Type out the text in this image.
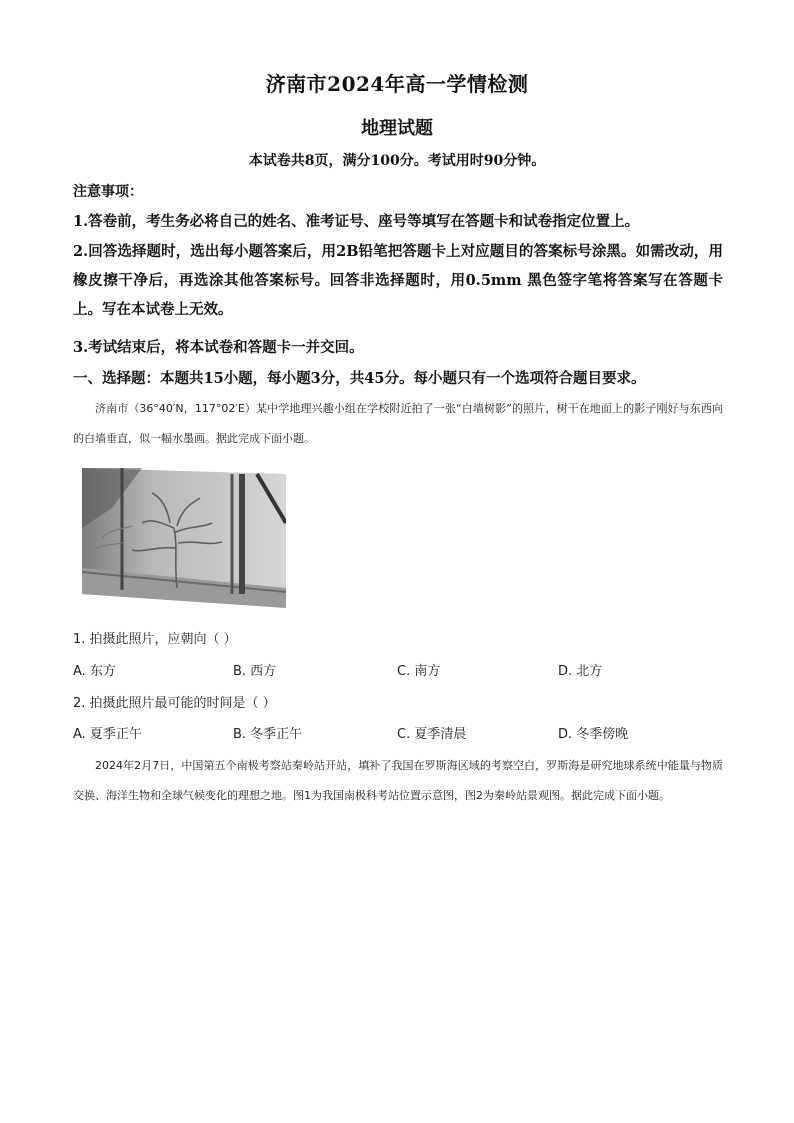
济南市2024年高一学情检测
地理试题
本试卷共8页，满分100分。考试用时90分钟。
注意事项：
1.答卷前，考生务必将自己的姓名、准考证号、座号等填写在答题卡和试卷指定位置上。
2.回答选择题时，选出每小题答案后，用2B铅笔把答题卡上对应题目的答案标号涂黑。如需改动，用橡皮擦干净后，再选涂其他答案标号。回答非选择题时，用0.5mm 黑色签字笔将答案写在答题卡上。写在本试卷上无效。
3.考试结束后，将本试卷和答题卡一并交回。
一、选择题：本题共15小题，每小题3分，共45分。每小题只有一个选项符合题目要求。
济南市（36°40′N，117°02′E）某中学地理兴趣小组在学校附近拍了一张“白墙树影”的照片，树干在地面上的影子刚好与东西向的白墙垂直，似一幅水墨画。据此完成下面小题。
1. 拍摄此照片，应朝向（ ）
A. 东方	B. 西方	C. 南方	D. 北方
2. 拍摄此照片最可能的时间是（ ）
A. 夏季正午	B. 冬季正午	C. 夏季清晨	D. 冬季傍晚
2024年2月7日，中国第五个南极考察站秦岭站开站，填补了我国在罗斯海区域的考察空白，罗斯海是研究地球系统中能量与物质交换、海洋生物和全球气候变化的理想之地。图1为我国南极科考站位置示意图，图2为秦岭站景观图。据此完成下面小题。
